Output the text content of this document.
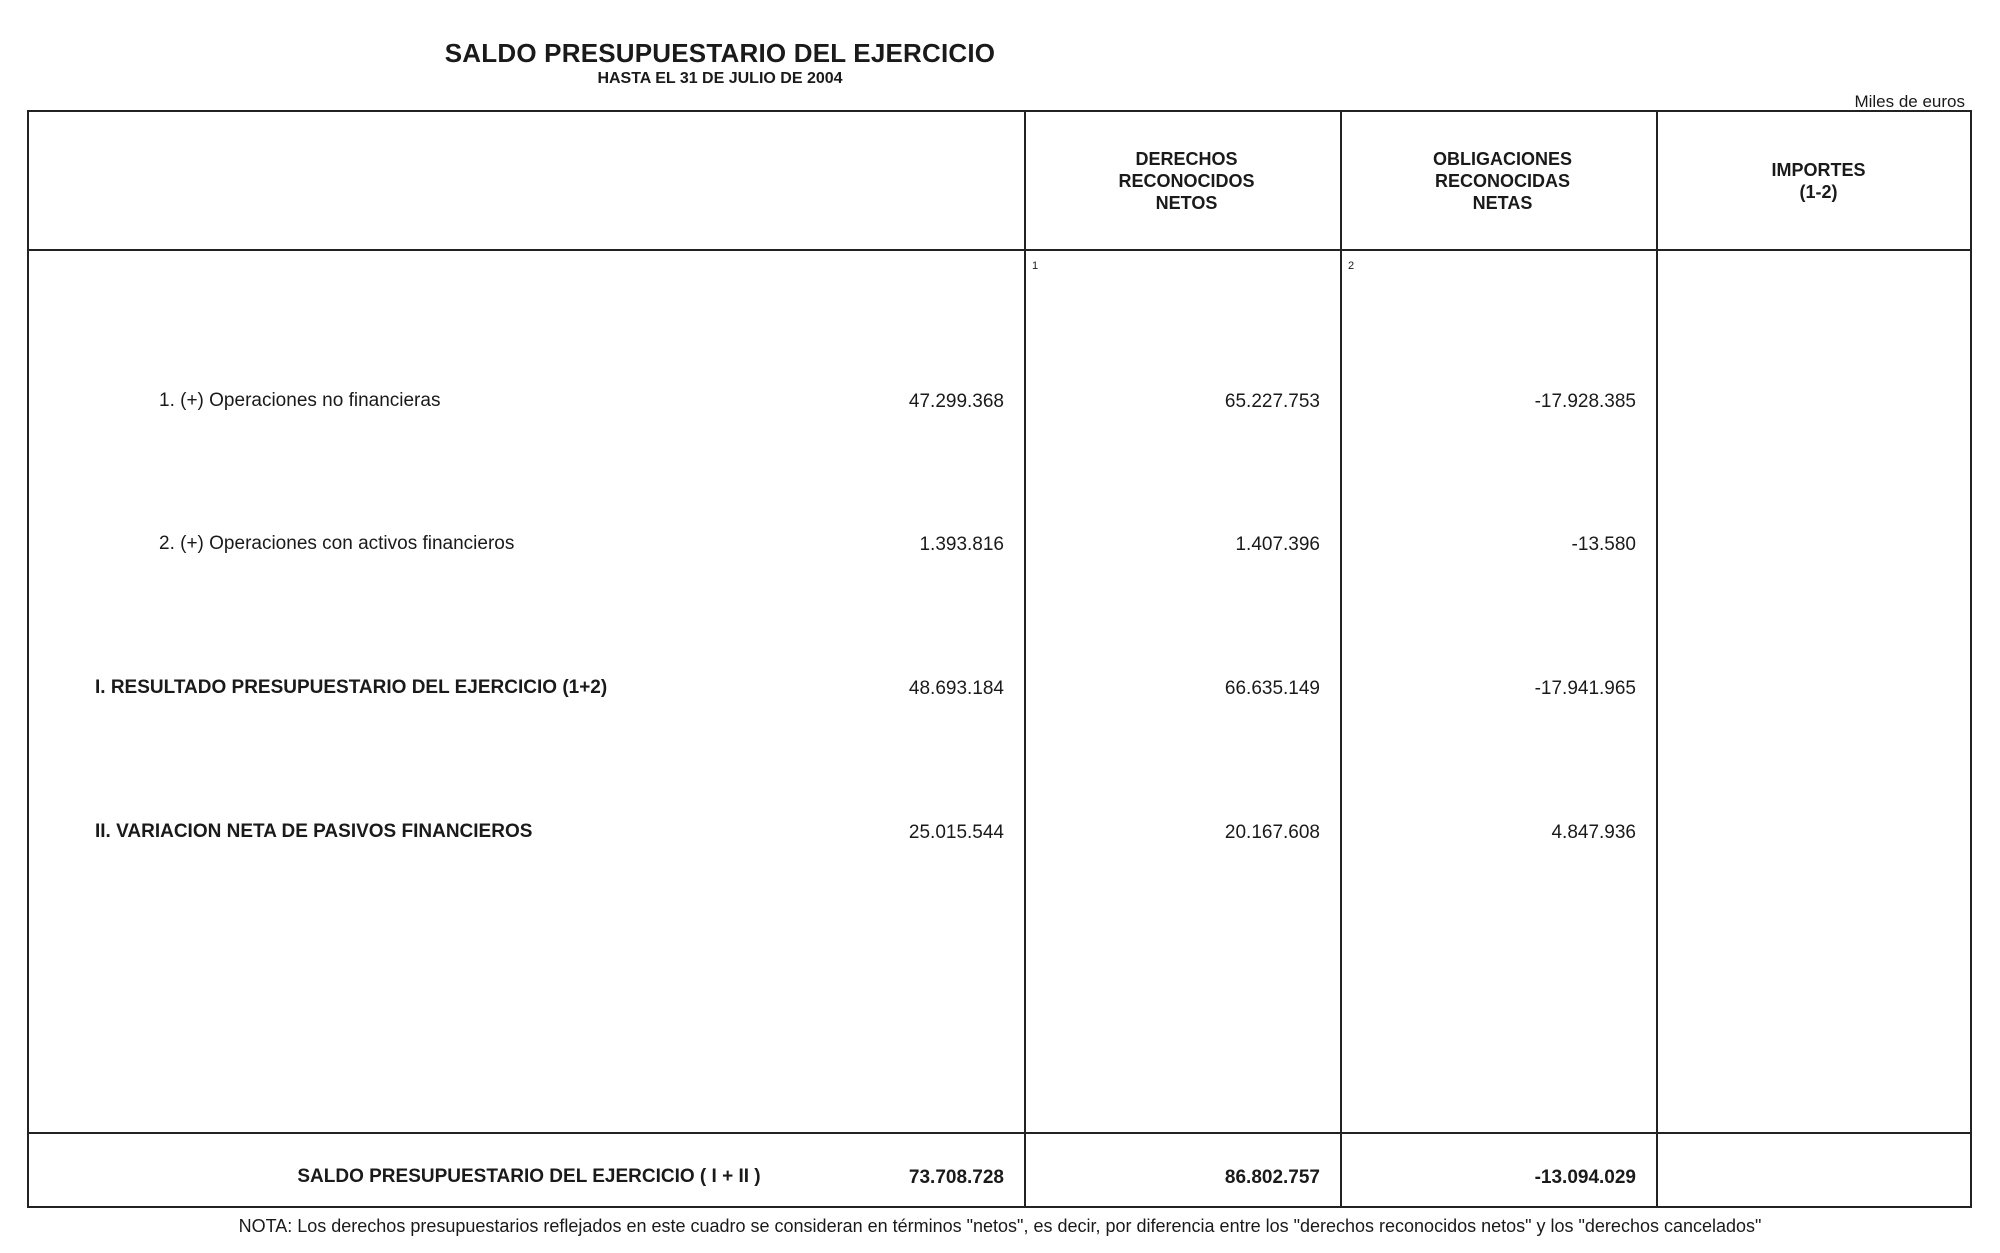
SALDO PRESUPUESTARIO DEL EJERCICIO
HASTA EL 31 DE JULIO DE 2004
Miles de euros
DERECHOS
RECONOCIDOS
NETOS
OBLIGACIONES
RECONOCIDAS
NETAS
IMPORTES
(1-2)
1	2
1. (+) Operaciones no financieras	47.299.368	65.227.753	-17.928.385
2. (+) Operaciones con activos financieros	1.393.816	1.407.396	-13.580
I. RESULTADO PRESUPUESTARIO DEL EJERCICIO (1+2)	48.693.184	66.635.149	-17.941.965
II. VARIACION NETA DE PASIVOS FINANCIEROS	25.015.544	20.167.608	4.847.936
SALDO PRESUPUESTARIO DEL EJERCICIO ( I + II )	73.708.728	86.802.757	-13.094.029
NOTA: Los derechos presupuestarios reflejados en este cuadro se consideran en términos "netos", es decir, por diferencia entre los "derechos reconocidos netos" y los "derechos cancelados"
